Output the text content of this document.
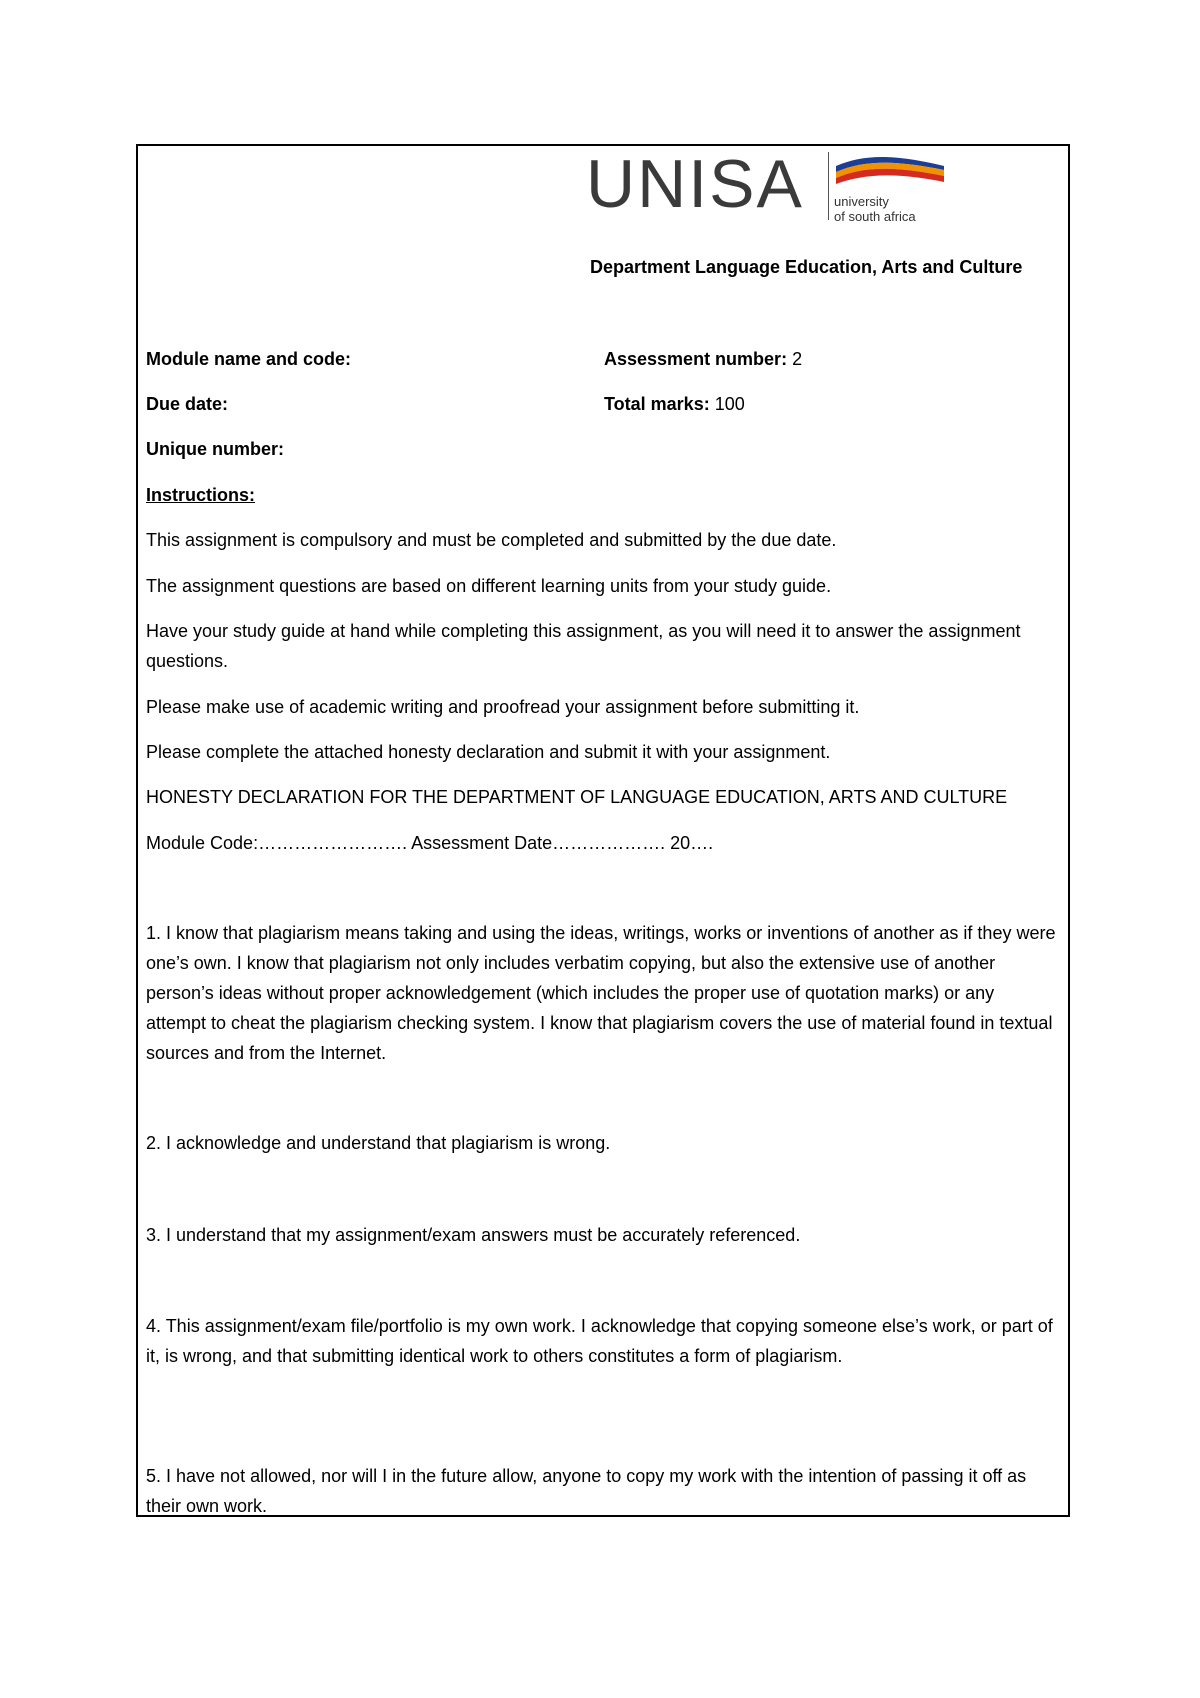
UNISA university
of south africa
Department Language Education, Arts and Culture
Module name and code:	Assessment number: 2
Due date:	Total marks: 100
Unique number:
Instructions:
This assignment is compulsory and must be completed and submitted by the due date.
The assignment questions are based on different learning units from your study guide.
Have your study guide at hand while completing this assignment, as you will need it to answer the assignment questions.
Please make use of academic writing and proofread your assignment before submitting it.
Please complete the attached honesty declaration and submit it with your assignment.
HONESTY DECLARATION FOR THE DEPARTMENT OF LANGUAGE EDUCATION, ARTS AND CULTURE
Module Code:……………………. Assessment Date………………. 20….
1. I know that plagiarism means taking and using the ideas, writings, works or inventions of another as if they were one’s own. I know that plagiarism not only includes verbatim copying, but also the extensive use of another person’s ideas without proper acknowledgement (which includes the proper use of quotation marks) or any attempt to cheat the plagiarism checking system. I know that plagiarism covers the use of material found in textual sources and from the Internet.
2. I acknowledge and understand that plagiarism is wrong.
3. I understand that my assignment/exam answers must be accurately referenced.
4. This assignment/exam file/portfolio is my own work. I acknowledge that copying someone else’s work, or part of it, is wrong, and that submitting identical work to others constitutes a form of plagiarism.
5. I have not allowed, nor will I in the future allow, anyone to copy my work with the intention of passing it off as their own work.
